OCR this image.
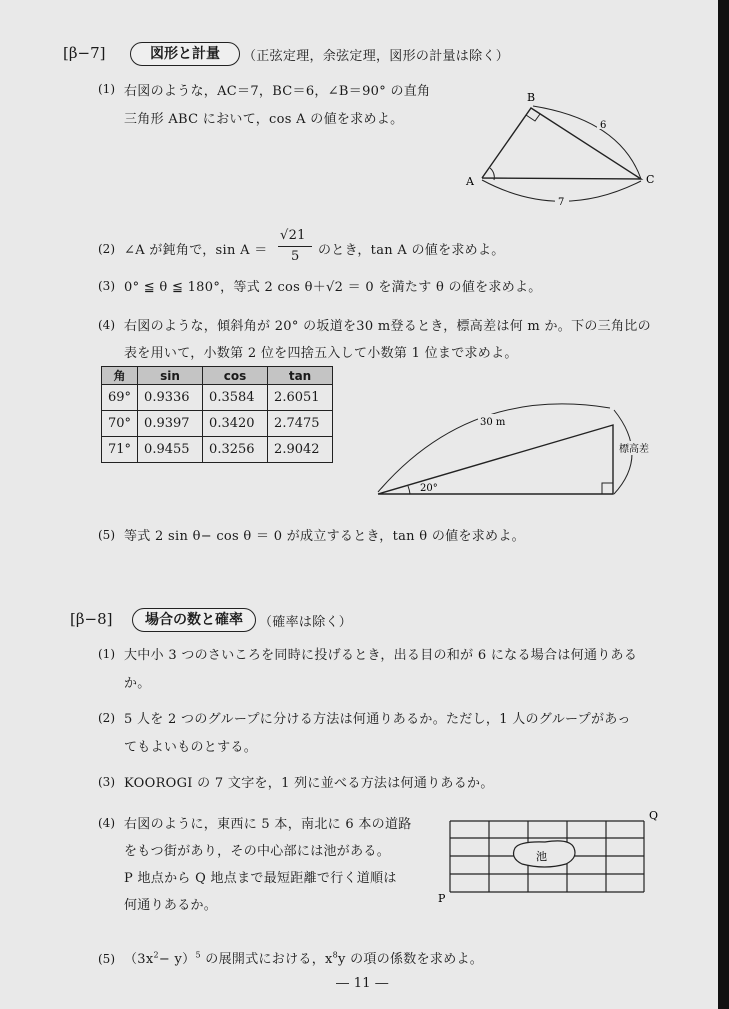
[β−7]	図形と計量	（正弦定理，余弦定理，図形の計量は除く）
(1) 右図のような，AC＝7，BC＝6，∠B＝90° の直角
三角形 ABC において，cos A の値を求めよ。
(2) ∠A が鈍角で，sin A ＝
√21
5 のとき，tan A の値を求めよ。
(3) 0° ≦ θ ≦ 180°，等式 2 cos θ＋√2 ＝ 0 を満たす θ の値を求めよ。
(4) 右図のような，傾斜角が 20° の坂道を30 m登るとき，標高差は何 m か。下の三角比の
表を用いて，小数第 2 位を四捨五入して小数第 1 位まで求めよ。
角	sin	cos	tan
69°	0.9336	0.3584	2.6051
70°	0.9397	0.3420	2.7475
71°	0.9455	0.3256	2.9042
(5) 等式 2 sin θ− cos θ ＝ 0 が成立するとき，tan θ の値を求めよ。
[β−8]	場合の数と確率	（確率は除く）
(1) 大中小 3 つのさいころを同時に投げるとき，出る目の和が 6 になる場合は何通りある
か。
(2) 5 人を 2 つのグループに分ける方法は何通りあるか。ただし，1 人のグループがあっ
てもよいものとする。
(3) KOOROGI の 7 文字を，1 列に並べる方法は何通りあるか。
(4) 右図のように，東西に 5 本，南北に 6 本の道路
をもつ街があり，その中心部には池がある。
P 地点から Q 地点まで最短距離で行く道順は
何通りあるか。
(5) $(3x^2- y)^5$ の展開式における，$x^8y$ の項の係数を求めよ。
― 11 ―
A
B
C
6
7
30 m
標高差
20°
池
P
Q
